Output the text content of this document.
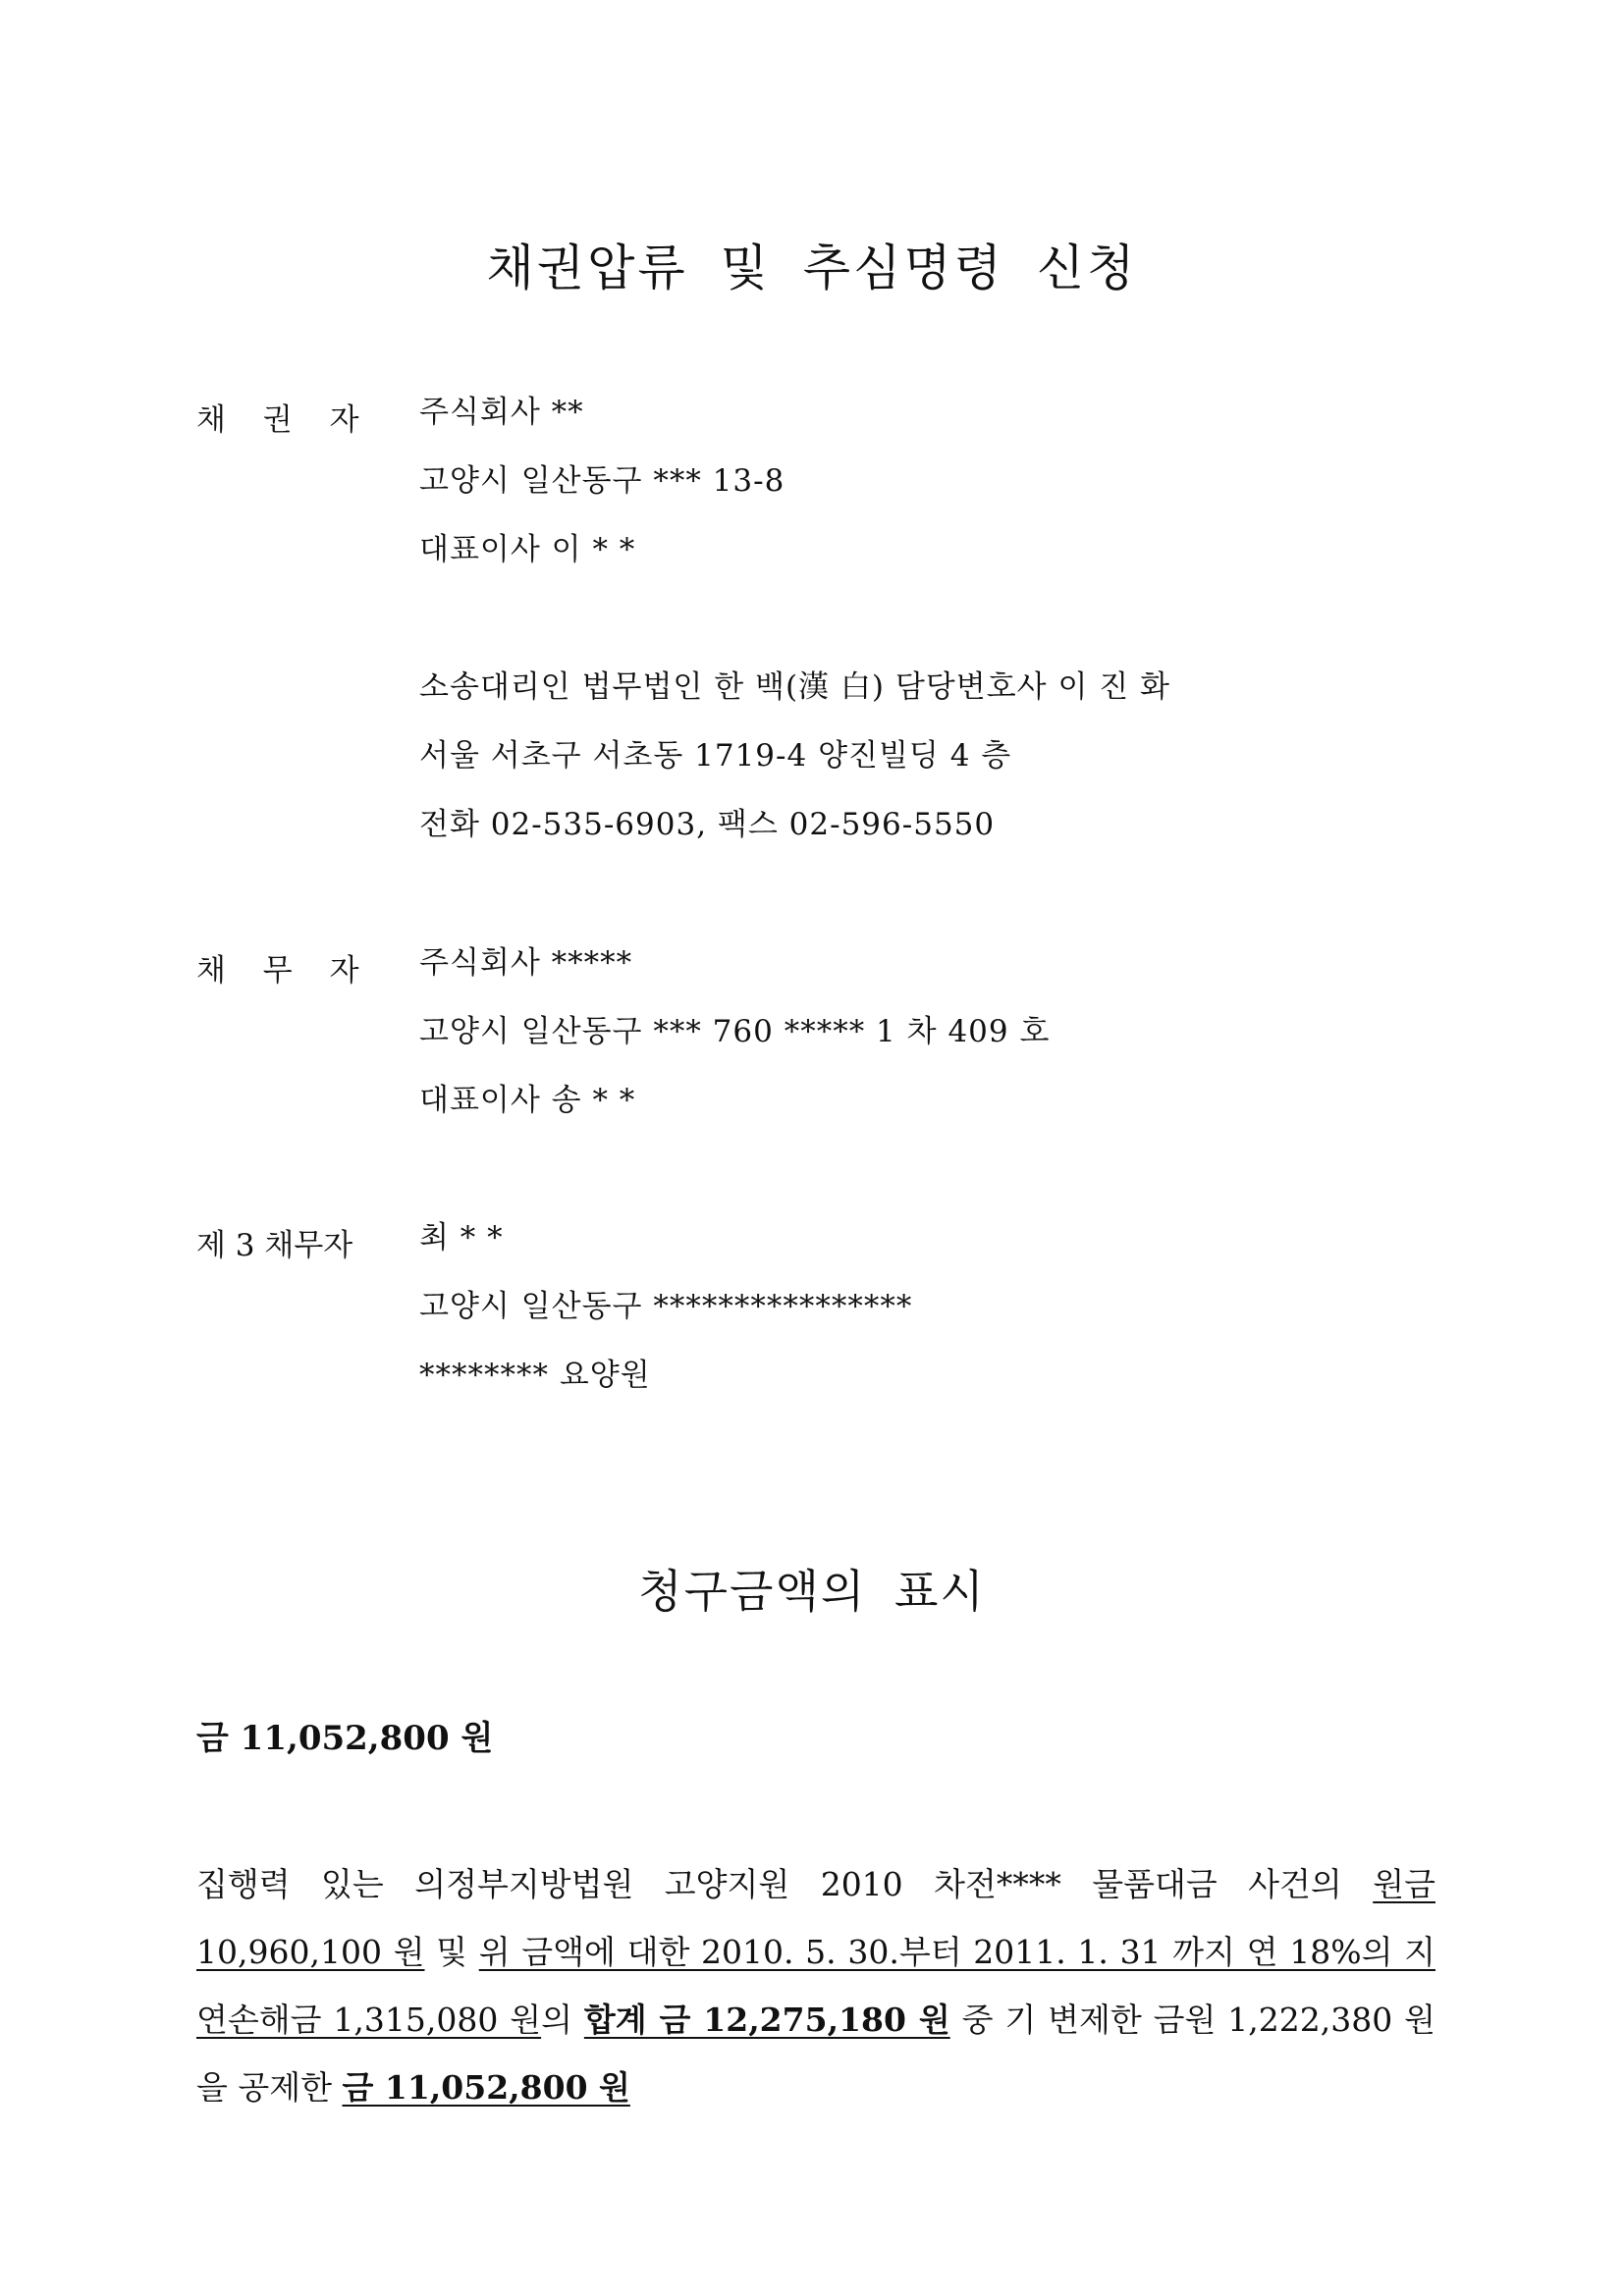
채권압류 및 추심명령 신청
채 권 자 주식회사 **
고양시 일산동구 *** 13-8
대표이사 이 * *
소송대리인 법무법인 한 백(漢 白) 담당변호사 이 진 화
서울 서초구 서초동 1719-4 양진빌딩 4 층
전화 02-535-6903, 팩스 02-596-5550
채 무 자 주식회사 *****
고양시 일산동구 *** 760 ***** 1 차 409 호
대표이사 송 * *
제 3 채무자 최 * *
고양시 일산동구 ****************
******** 요양원
청구금액의 표시
금 11,052,800 원

집행력 있는 의정부지방법원 고양지원 2010 차전**** 물품대금 사건의 원금 10,960,100 원 및 위 금액에 대한 2010. 5. 30.부터 2011. 1. 31 까지 연 18%의 지연손해금 1,315,080 원의 합계 금 12,275,180 원 중 기 변제한 금원 1,222,380 원을 공제한 금 11,052,800 원
